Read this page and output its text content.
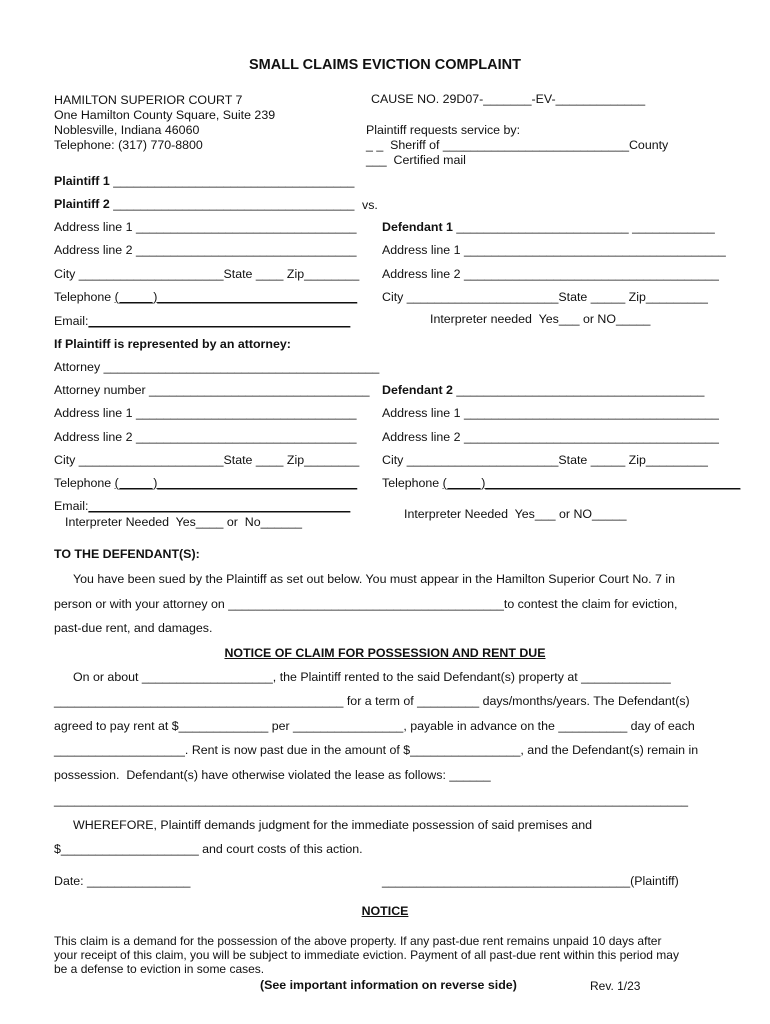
SMALL CLAIMS EVICTION COMPLAINT
HAMILTON SUPERIOR COURT 7
One Hamilton County Square, Suite 239
Noblesville, Indiana 46060
Telephone: (317) 770-8800
CAUSE NO. 29D07-_______-EV-_____________
Plaintiff requests service by:
_ _  Sheriff of ___________________________County
___  Certified mail
Plaintiff 1 ___________________________________
Plaintiff 2 ___________________________________ vs.
Address line 1 ________________________________
Address line 2 ________________________________
City _____________________State ____ Zip________
Telephone (_____)_____________________________
Email:______________________________________
Defendant 1 _________________________ ____________
Address line 1 ______________________________________
Address line 2 _____________________________________
City ______________________State _____ Zip_________
Interpreter needed  Yes___ or NO_____
If Plaintiff is represented by an attorney:
Attorney ________________________________________
Attorney number ________________________________
Address line 1 ________________________________
Address line 2 ________________________________
City _____________________State ____ Zip________
Telephone (_____)_____________________________
Email:______________________________________
Interpreter Needed  Yes____ or  No______
Defendant 2 ____________________________________
Address line 1 _____________________________________
Address line 2 _____________________________________
City ______________________State _____ Zip_________
Telephone (_____)_____________________________________
Interpreter Needed  Yes___ or NO_____
TO THE DEFENDANT(S):
You have been sued by the Plaintiff as set out below. You must appear in the Hamilton Superior Court No. 7 in
person or with your attorney on ________________________________________to contest the claim for eviction,
past-due rent, and damages.
NOTICE OF CLAIM FOR POSSESSION AND RENT DUE
On or about ___________________, the Plaintiff rented to the said Defendant(s) property at _____________
__________________________________________ for a term of _________ days/months/years. The Defendant(s)
agreed to pay rent at $_____________ per ________________, payable in advance on the __________ day of each
___________________. Rent is now past due in the amount of $________________, and the Defendant(s) remain in
possession.  Defendant(s) have otherwise violated the lease as follows: ______
____________________________________________________________________________________________
WHEREFORE, Plaintiff demands judgment for the immediate possession of said premises and
$____________________ and court costs of this action.
Date: _______________	____________________________________(Plaintiff)
NOTICE
This claim is a demand for the possession of the above property. If any past-due rent remains unpaid 10 days after
your receipt of this claim, you will be subject to immediate eviction. Payment of all past-due rent within this period may
be a defense to eviction in some cases.
(See important information on reverse side)	Rev. 1/23
